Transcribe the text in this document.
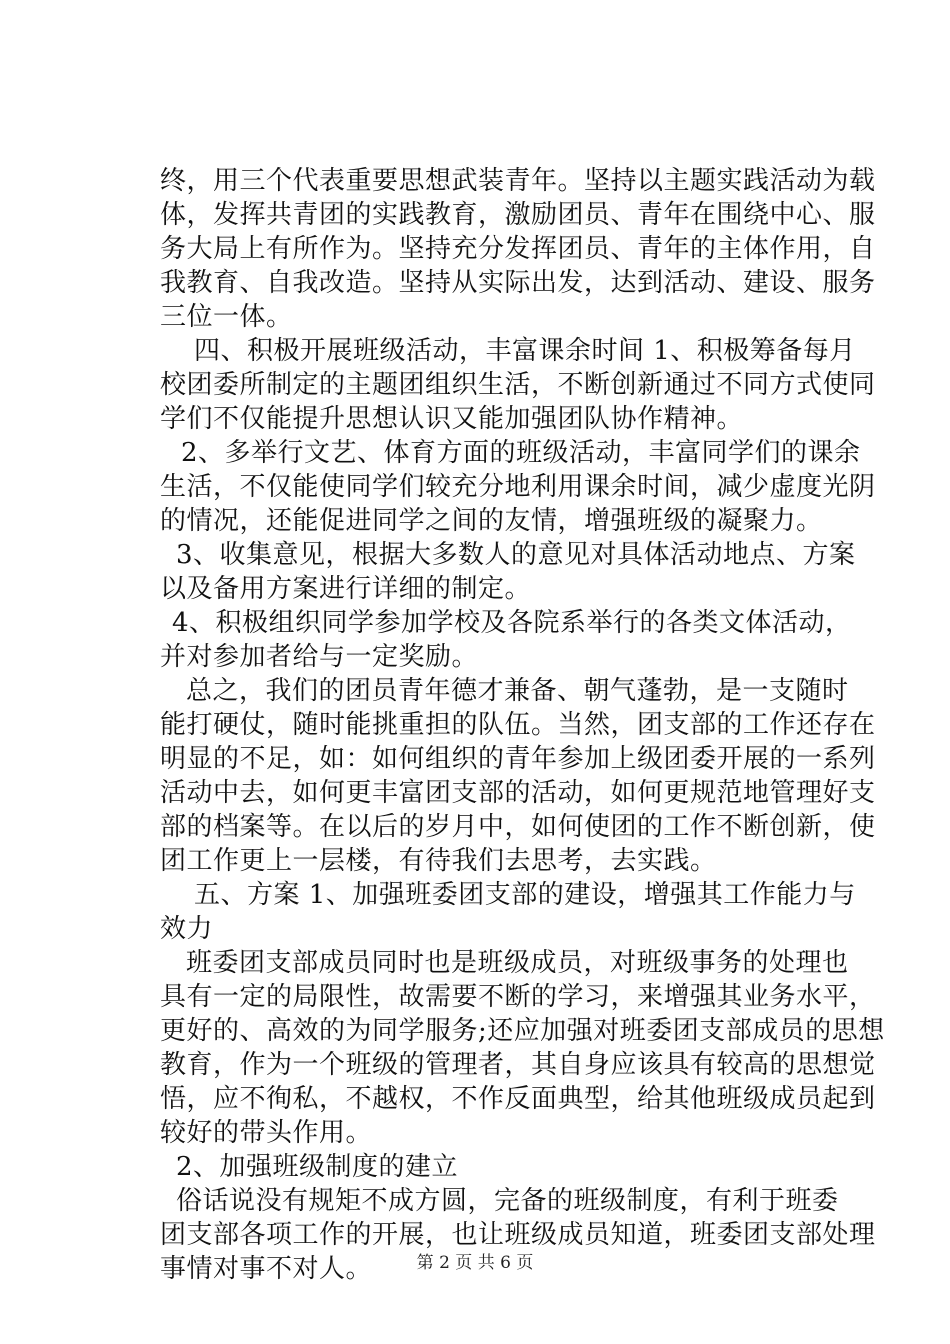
终，用三个代表重要思想武装青年。坚持以主题实践活动为载
体，发挥共青团的实践教育，激励团员、青年在围绕中心、服
务大局上有所作为。坚持充分发挥团员、青年的主体作用，自
我教育、自我改造。坚持从实际出发，达到活动、建设、服务
三位一体。
四、积极开展班级活动，丰富课余时间 1、积极筹备每月
校团委所制定的主题团组织生活，不断创新通过不同方式使同
学们不仅能提升思想认识又能加强团队协作精神。
2、多举行文艺、体育方面的班级活动，丰富同学们的课余
生活，不仅能使同学们较充分地利用课余时间，减少虚度光阴
的情况，还能促进同学之间的友情，增强班级的凝聚力。
3、收集意见，根据大多数人的意见对具体活动地点、方案
以及备用方案进行详细的制定。
4、积极组织同学参加学校及各院系举行的各类文体活动，
并对参加者给与一定奖励。
总之，我们的团员青年德才兼备、朝气蓬勃，是一支随时
能打硬仗，随时能挑重担的队伍。当然，团支部的工作还存在
明显的不足，如：如何组织的青年参加上级团委开展的一系列
活动中去，如何更丰富团支部的活动，如何更规范地管理好支
部的档案等。在以后的岁月中，如何使团的工作不断创新，使
团工作更上一层楼，有待我们去思考，去实践。
五、方案 1、加强班委团支部的建设，增强其工作能力与
效力
班委团支部成员同时也是班级成员，对班级事务的处理也
具有一定的局限性，故需要不断的学习，来增强其业务水平，
更好的、高效的为同学服务;还应加强对班委团支部成员的思想
教育，作为一个班级的管理者，其自身应该具有较高的思想觉
悟，应不徇私，不越权，不作反面典型，给其他班级成员起到
较好的带头作用。
2、加强班级制度的建立
俗话说没有规矩不成方圆，完备的班级制度，有利于班委
团支部各项工作的开展，也让班级成员知道，班委团支部处理
事情对事不对人。	第 2 页 共 6 页
